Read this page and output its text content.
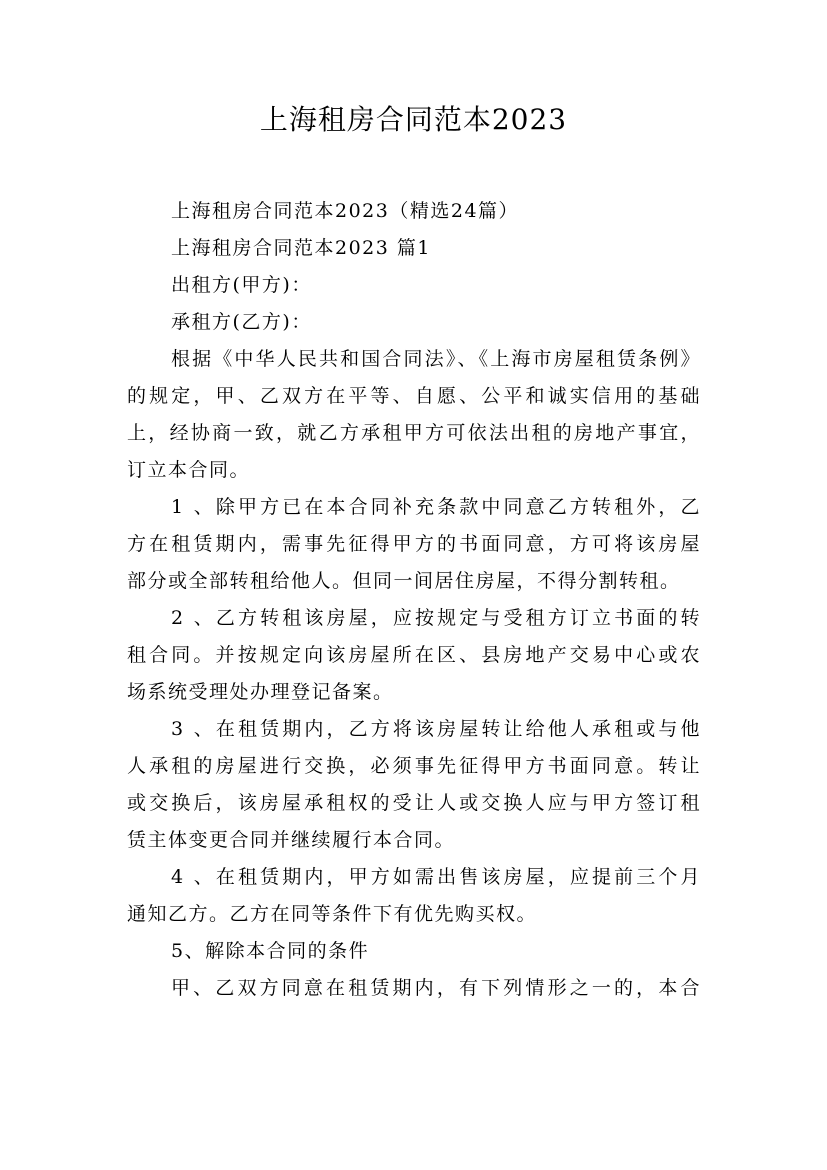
上海租房合同范本2023

上海租房合同范本2023（精选24篇）

上海租房合同范本2023 篇1

出租方(甲方)：

承租方(乙方)：

根据《中华人民共和国合同法》、《上海市房屋租赁条例》

的规定，甲、乙双方在平等、自愿、公平和诚实信用的基础

上，经协商一致，就乙方承租甲方可依法出租的房地产事宜，

订立本合同。

1 、除甲方已在本合同补充条款中同意乙方转租外，乙

方在租赁期内，需事先征得甲方的书面同意，方可将该房屋

部分或全部转租给他人。但同一间居住房屋，不得分割转租。

2 、乙方转租该房屋，应按规定与受租方订立书面的转

租合同。并按规定向该房屋所在区、县房地产交易中心或农

场系统受理处办理登记备案。

3 、在租赁期内，乙方将该房屋转让给他人承租或与他

人承租的房屋进行交换，必须事先征得甲方书面同意。转让

或交换后，该房屋承租权的受让人或交换人应与甲方签订租

赁主体变更合同并继续履行本合同。

4 、在租赁期内，甲方如需出售该房屋，应提前三个月

通知乙方。乙方在同等条件下有优先购买权。

5、解除本合同的条件

甲、乙双方同意在租赁期内，有下列情形之一的，本合
